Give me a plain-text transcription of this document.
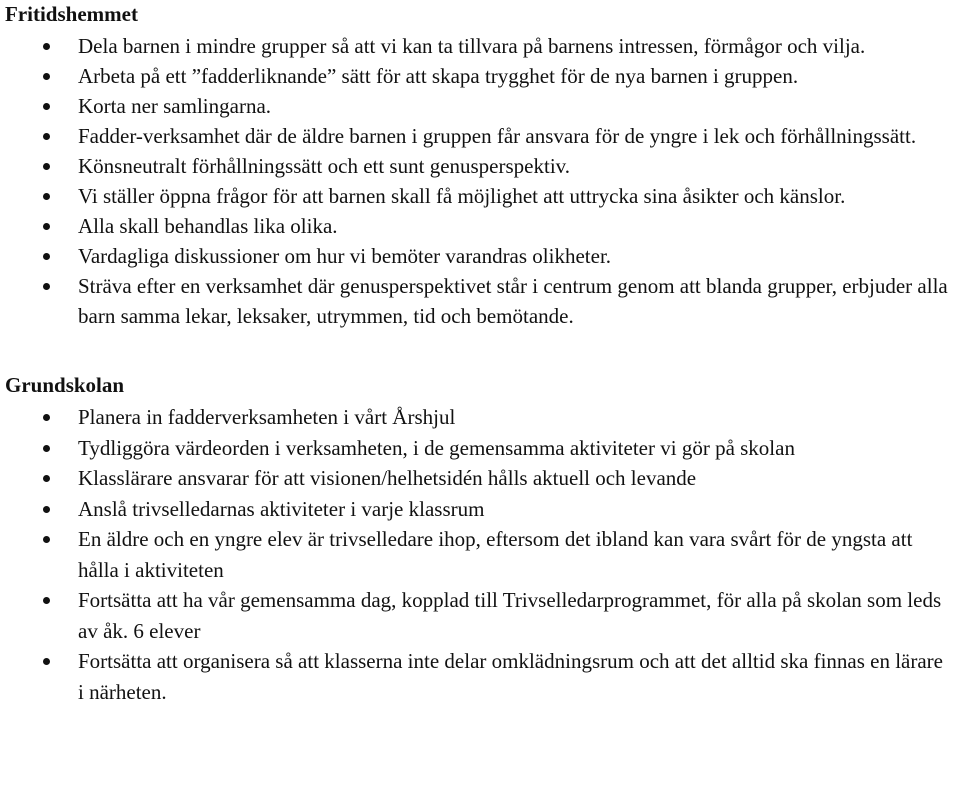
Fritidshemmet
Dela barnen i mindre grupper så att vi kan ta tillvara på barnens intressen, förmågor och vilja.
Arbeta på ett ”fadderliknande” sätt för att skapa trygghet för de nya barnen i gruppen.
Korta ner samlingarna.
Fadder-verksamhet där de äldre barnen i gruppen får ansvara för de yngre i lek och förhållningssätt.
Könsneutralt förhållningssätt och ett sunt genusperspektiv.
Vi ställer öppna frågor för att barnen skall få möjlighet att uttrycka sina åsikter och känslor.
Alla skall behandlas lika olika.
Vardagliga diskussioner om hur vi bemöter varandras olikheter.
Sträva efter en verksamhet där genusperspektivet står i centrum genom att blanda grupper, erbjuder alla barn samma lekar, leksaker, utrymmen, tid och bemötande.
Grundskolan
Planera in fadderverksamheten i vårt Årshjul
Tydliggöra värdeorden i verksamheten, i de gemensamma aktiviteter vi gör på skolan
Klasslärare ansvarar för att visionen/helhetsidén hålls aktuell och levande
Anslå trivselledarnas aktiviteter i varje klassrum
En äldre och en yngre elev är trivselledare ihop, eftersom det ibland kan vara svårt för de yngsta att hålla i aktiviteten
Fortsätta att ha vår gemensamma dag, kopplad till Trivselledarprogrammet, för alla på skolan som leds av åk. 6 elever
Fortsätta att organisera så att klasserna inte delar omklädningsrum och att det alltid ska finnas en lärare i närheten.
